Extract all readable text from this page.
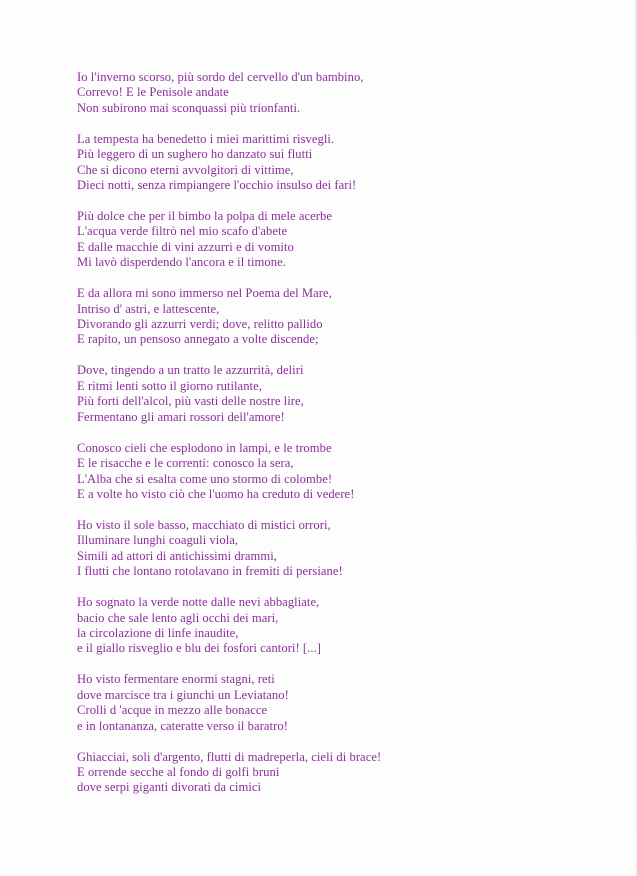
Io l'inverno scorso, più sordo del cervello d'un bambino,
Correvo! E le Penisole andate
Non subirono mai sconquassi più trionfanti.
La tempesta ha benedetto i miei marittimi risvegli.
Più leggero di un sughero ho danzato sui flutti
Che si dicono eterni avvolgitori di vittime,
Dieci notti, senza rimpiangere l'occhio insulso dei fari!
Più dolce che per il bimbo la polpa di mele acerbe
L'acqua verde filtrò nel mio scafo d'abete
E dalle macchie di vini azzurri e di vomito
Mi lavò disperdendo l'ancora e il timone.
E da allora mi sono immerso nel Poema del Mare,
Intriso d' astri, e lattescente,
Divorando gli azzurri verdi; dove, relitto pallido
E rapito, un pensoso annegato a volte discende;
Dove, tingendo a un tratto le azzurrità, deliri
E ritmi lenti sotto il giorno rutilante,
Più forti dell'alcol, più vasti delle nostre lire,
Fermentano gli amari rossori dell'amore!
Conosco cieli che esplodono in lampi, e le trombe
E le risacche e le correnti: conosco la sera,
L'Alba che si esalta come uno stormo di colombe!
E a volte ho visto ciò che l'uomo ha creduto di vedere!
Ho visto il sole basso, macchiato di mistici orrori,
Illuminare lunghi coaguli viola,
Simili ad attori di antichissimi drammi,
I flutti che lontano rotolavano in fremiti di persiane!
Ho sognato la verde notte dalle nevi abbagliate,
bacio che sale lento agli occhi dei mari,
la circolazione di linfe inaudite,
e il giallo risveglio e blu dei fosfori cantori! [...]
Ho visto fermentare enormi stagni, reti
dove marcisce tra i giunchi un Leviatano!
Crolli d 'acque in mezzo alle bonacce
e in lontananza, cateratte verso il baratro!
Ghiacciai, soli d'argento, flutti di madreperla, cieli di brace!
E orrende secche al fondo di golfi bruni
dove serpi giganti divorati da cimici
